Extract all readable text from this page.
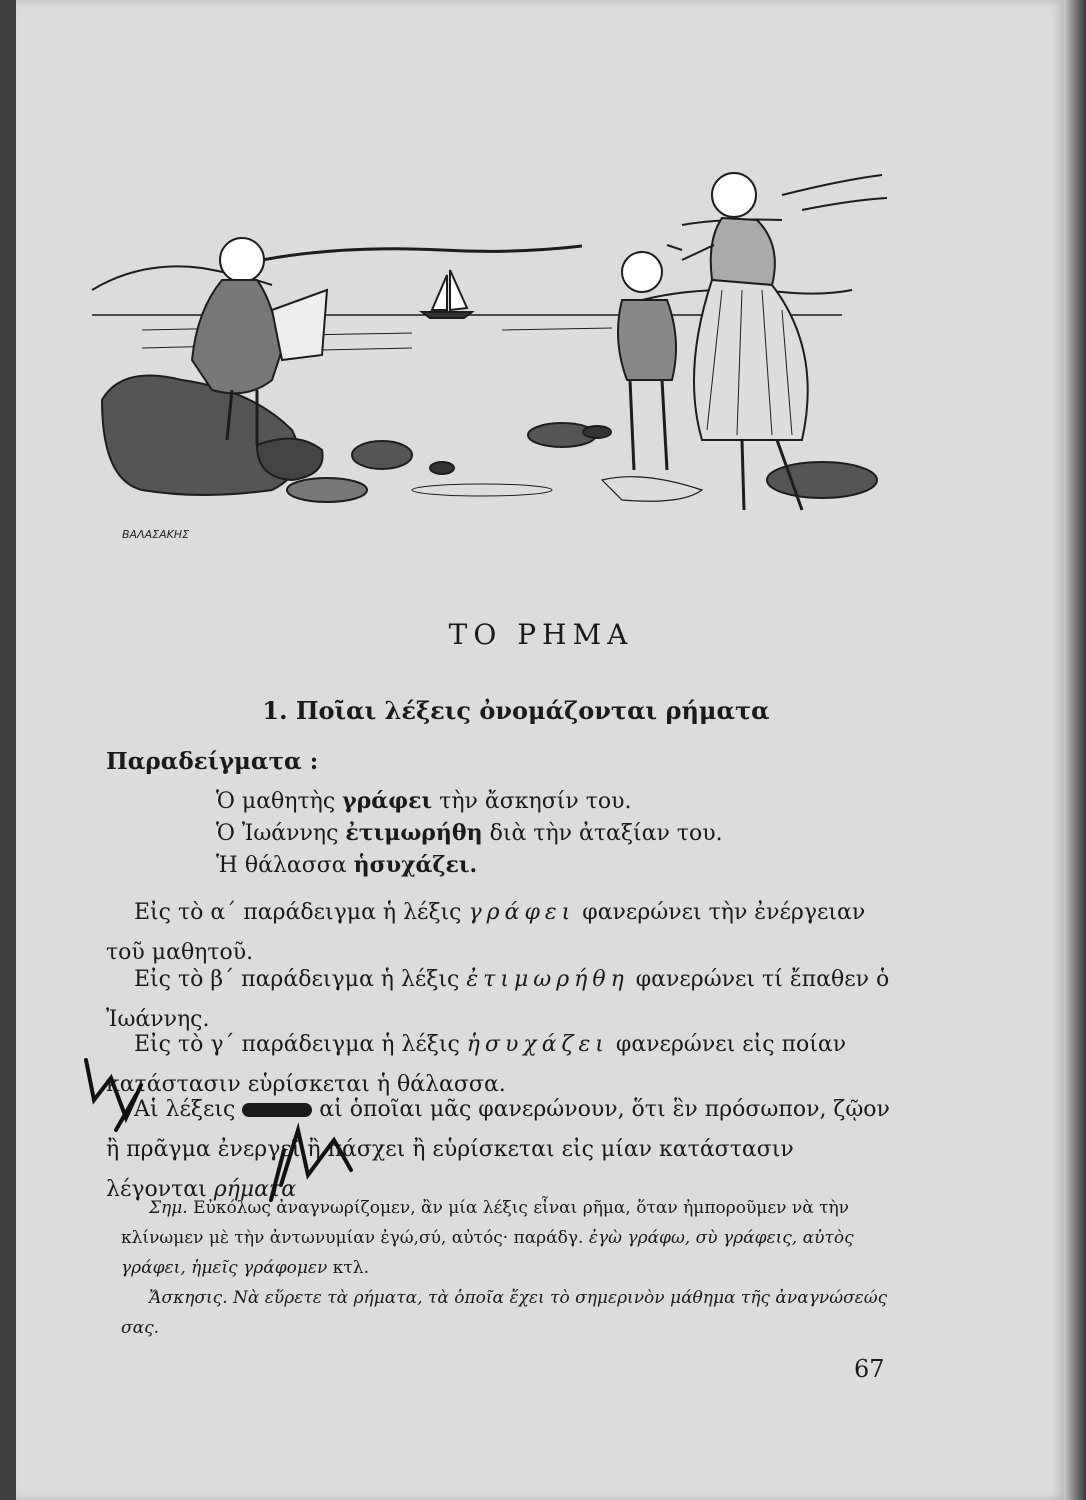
ΒΑΛΑΣΑΚΗΣ
ΤΟ ΡΗΜΑ
1. Ποῖαι λέξεις ὀνομάζονται ρήματα
Παραδείγματα :
Ὁ μαθητὴς γράφει τὴν ἄσκησίν του.
Ὁ Ἰωάννης ἐτιμωρήθη διὰ τὴν ἀταξίαν του.
Ἡ θάλασσα ἡσυχάζει.
Εἰς τὸ α΄ παράδειγμα ἡ λέξις γράφει φανερώνει τὴν ἐνέργειαν τοῦ μαθητοῦ.
Εἰς τὸ β΄ παράδειγμα ἡ λέξις ἐτιμωρήθη φανερώνει τί ἔπαθεν ὁ Ἰωάννης.
Εἰς τὸ γ΄ παράδειγμα ἡ λέξις ἡσυχάζει φανερώνει εἰς ποίαν κατάστασιν εὑρίσκεται ἡ θάλασσα.
Αἱ λέξεις	αἱ ὁποῖαι μᾶς φανερώνουν, ὅτι ἓν πρόσωπον, ζῷον ἢ πρᾶγμα ἐνεργεῖ ἢ πάσχει ἢ εὑρίσκεται εἰς μίαν κατάστασιν λέγονται ρήματα
Σημ. Εὐκόλως ἀναγνωρίζομεν, ἂν μία λέξις εἶναι ρῆμα, ὅταν ἠμποροῦμεν νὰ τὴν κλίνωμεν μὲ τὴν ἀντωνυμίαν ἐγώ,σύ, αὐτός· παράδγ. ἐγὼ γράφω, σὺ γράφεις, αὐτὸς γράφει, ἡμεῖς γράφομεν κτλ.
Ἄσκησις. Νὰ εὕρετε τὰ ρήματα, τὰ ὁποῖα ἔχει τὸ σημερινὸν μάθημα τῆς ἀναγνώσεώς σας.
67
